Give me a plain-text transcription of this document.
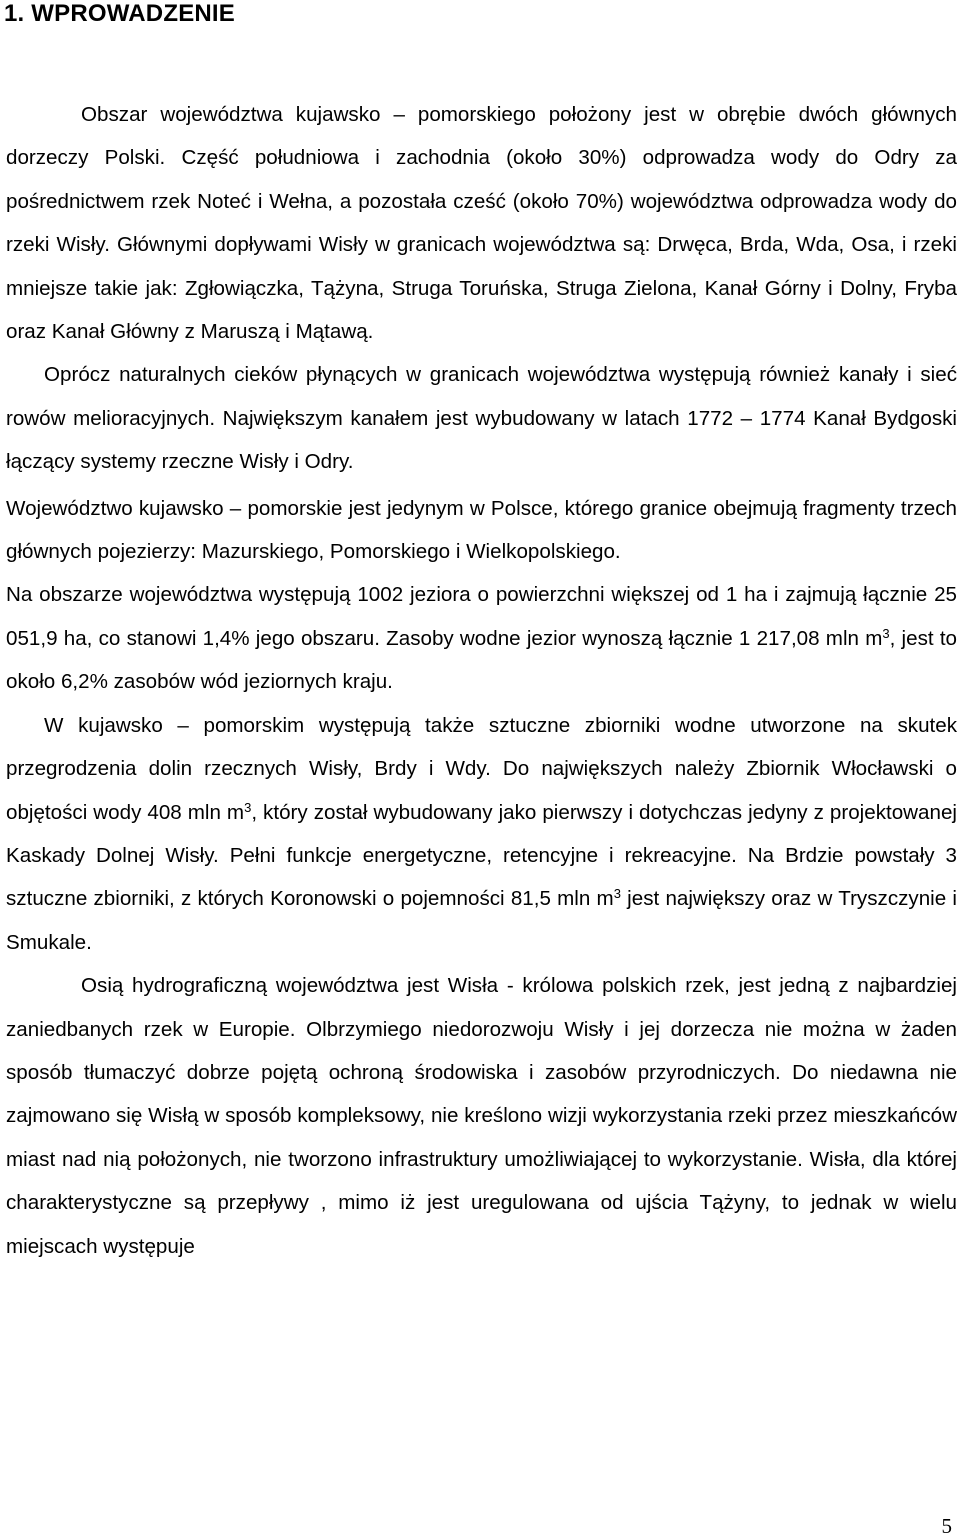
1. WPROWADZENIE

Obszar województwa kujawsko – pomorskiego położony jest w obrębie dwóch głównych dorzeczy Polski. Część południowa i zachodnia (około 30%) odprowadza wody do Odry za pośrednictwem rzek Noteć i Wełna, a pozostała cześć (około 70%) województwa odprowadza wody do rzeki Wisły. Głównymi dopływami Wisły w granicach województwa są: Drwęca, Brda, Wda, Osa, i rzeki mniejsze takie jak: Zgłowiączka, Tążyna, Struga Toruńska, Struga Zielona, Kanał Górny i Dolny, Fryba oraz Kanał Główny z Maruszą i Mątawą.

Oprócz naturalnych cieków płynących w granicach województwa występują również kanały i sieć rowów melioracyjnych. Największym kanałem jest wybudowany w latach 1772 – 1774 Kanał Bydgoski łączący systemy rzeczne Wisły i Odry.

Województwo kujawsko – pomorskie jest jedynym w Polsce, którego granice obejmują fragmenty trzech głównych pojezierzy: Mazurskiego, Pomorskiego i Wielkopolskiego.

Na obszarze województwa występują 1002 jeziora o powierzchni większej od 1 ha i zajmują łącznie 25 051,9 ha, co stanowi 1,4% jego obszaru. Zasoby wodne jezior wynoszą łącznie 1 217,08 mln $m^3$, jest to około 6,2% zasobów wód jeziornych kraju.

W kujawsko – pomorskim występują także sztuczne zbiorniki wodne utworzone na skutek przegrodzenia dolin rzecznych Wisły, Brdy i Wdy. Do największych należy Zbiornik Włocławski o objętości wody 408 mln $m^3$, który został wybudowany jako pierwszy i dotychczas jedyny z projektowanej Kaskady Dolnej Wisły. Pełni funkcje energetyczne, retencyjne i rekreacyjne. Na Brdzie powstały 3 sztuczne zbiorniki, z których Koronowski o pojemności 81,5 mln $m^3$ jest największy oraz w Tryszczynie i Smukale.

Osią hydrograficzną województwa jest Wisła - królowa polskich rzek, jest jedną z najbardziej zaniedbanych rzek w Europie. Olbrzymiego niedorozwoju Wisły i jej dorzecza nie można w żaden sposób tłumaczyć dobrze pojętą ochroną środowiska i zasobów przyrodniczych. Do niedawna nie zajmowano się Wisłą w sposób kompleksowy, nie kreślono wizji wykorzystania rzeki przez mieszkańców miast nad nią położonych, nie tworzono infrastruktury umożliwiającej to wykorzystanie. Wisła, dla której charakterystyczne są przepływy , mimo iż jest uregulowana od ujścia Tążyny, to jednak w wielu miejscach występuje

5
